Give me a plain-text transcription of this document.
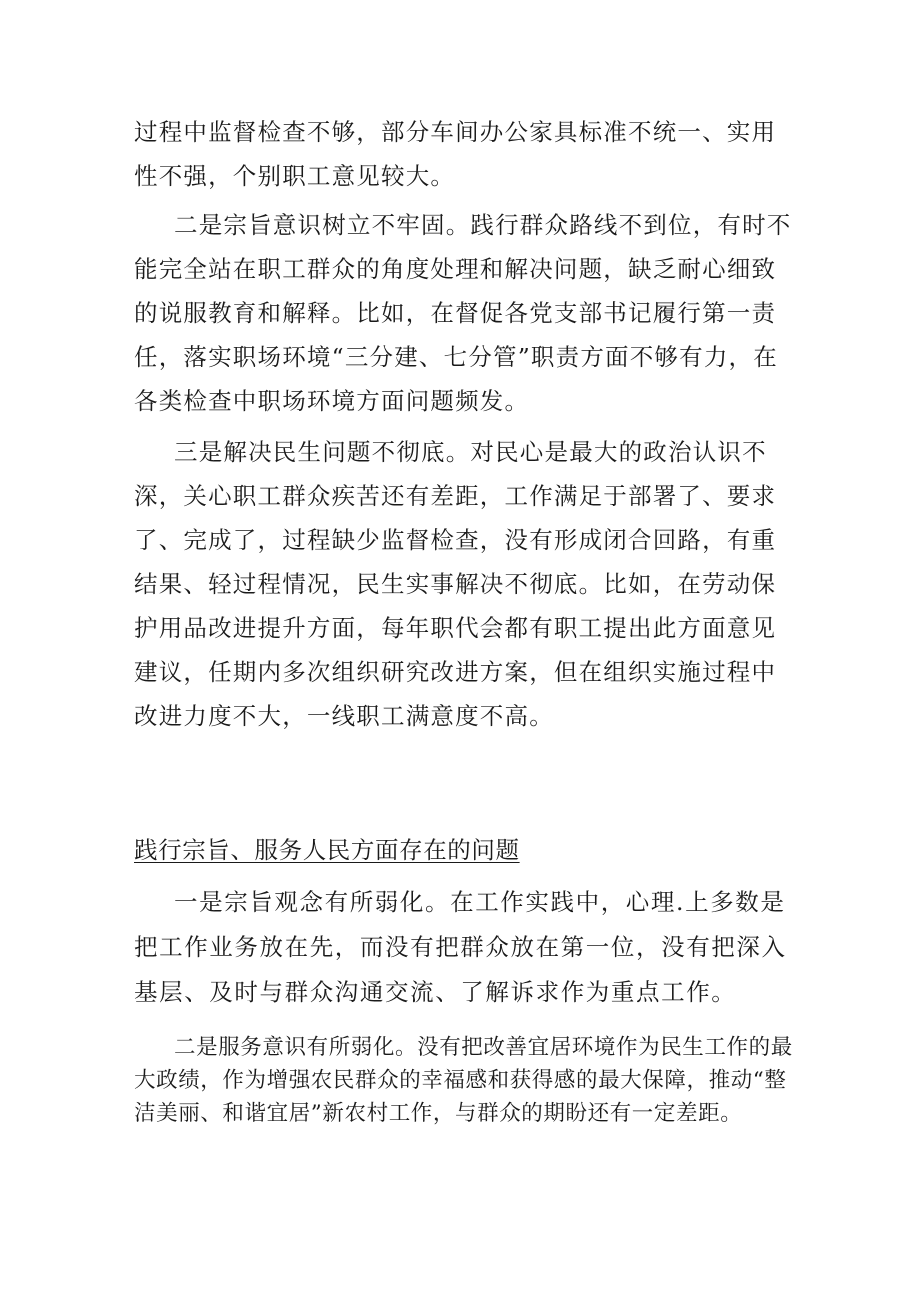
过程中监督检查不够，部分车间办公家具标准不统一、实用性不强，个别职工意见较大。

二是宗旨意识树立不牢固。践行群众路线不到位，有时不能完全站在职工群众的角度处理和解决问题，缺乏耐心细致的说服教育和解释。比如，在督促各党支部书记履行第一责任，落实职场环境“三分建、七分管”职责方面不够有力，在各类检查中职场环境方面问题频发。

三是解决民生问题不彻底。对民心是最大的政治认识不深，关心职工群众疾苦还有差距，工作满足于部署了、要求了、完成了，过程缺少监督检查，没有形成闭合回路，有重结果、轻过程情况，民生实事解决不彻底。比如，在劳动保护用品改进提升方面，每年职代会都有职工提出此方面意见建议，任期内多次组织研究改进方案，但在组织实施过程中改进力度不大，一线职工满意度不高。

践行宗旨、服务人民方面存在的问题

一是宗旨观念有所弱化。在工作实践中，心理.上多数是把工作业务放在先，而没有把群众放在第一位，没有把深入基层、及时与群众沟通交流、了解诉求作为重点工作。

二是服务意识有所弱化。没有把改善宜居环境作为民生工作的最大政绩，作为增强农民群众的幸福感和获得感的最大保障，推动“整洁美丽、和谐宜居”新农村工作，与群众的期盼还有一定差距。
